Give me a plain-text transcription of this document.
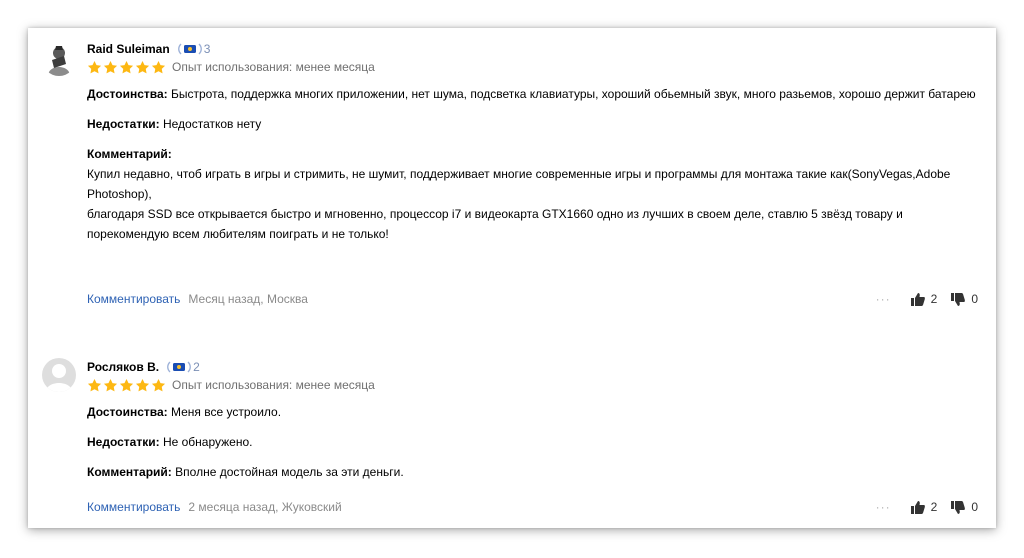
Raid Suleiman	3
Опыт использования: менее месяца
Достоинства: Быстрота, поддержка многих приложении, нет шума, подсветка клавиатуры, хороший обьемный звук, много разьемов, хорошо держит батарею
Недостатки: Недостатков нету
Комментарий:
Купил недавно, чтоб играть в игры и стримить, не шумит, поддерживает многие современные игры и программы для монтажа такие как(SonyVegas,Adobe Photoshop),
благодаря SSD все открывается быстро и мгновенно, процессор i7 и видеокарта GTX1660 одно из лучших в своем деле, ставлю 5 звёзд товару и порекомендую всем любителям поиграть и не только!
Комментировать Месяц назад, Москва	···	2	0
Росляков В.	2
Опыт использования: менее месяца
Достоинства: Меня все устроило.
Недостатки: Не обнаружено.
Комментарий: Вполне достойная модель за эти деньги.
Комментировать 2 месяца назад, Жуковский	···	2	0
